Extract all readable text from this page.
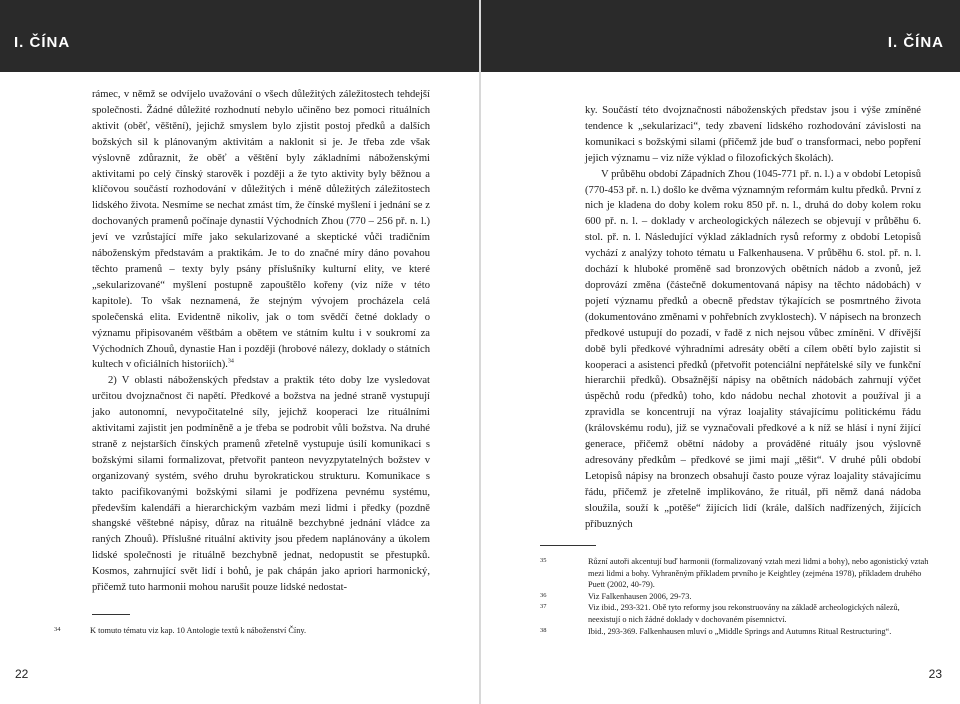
I. ČÍNA

rámec, v němž se odvíjelo uvažování o všech důležitých záležitostech tehdejší společnosti. Žádné důležité rozhodnutí nebylo učiněno bez pomoci rituálních aktivit (oběť, věštění), jejichž smyslem bylo zjistit postoj předků a dalších božských sil k plánovaným aktivitám a naklonit si je. Je třeba zde však výslovně zdůraznit, že oběť a věštění byly základními náboženskými aktivitami po celý čínský starověk i později a že tyto aktivity byly běžnou a klíčovou součástí rozhodování v důležitých i méně důležitých záležitostech lidského života. Nesmíme se nechat zmást tím, že čínské myšlení i jednání se z dochovaných pramenů počínaje dynastií Východních Zhou (770 – 256 př. n. l.) jeví ve vzrůstající míře jako sekularizované a skeptické vůči tradičním náboženským představám a praktikám. Je to do značné míry dáno povahou těchto pramenů – texty byly psány příslušníky kulturní elity, ve které „sekularizované“ myšlení postupně zapouštělo kořeny (viz níže v této kapitole). To však neznamená, že stejným vývojem procházela celá společenská elita. Evidentně nikoliv, jak o tom svědčí četné doklady o významu připisovaném věštbám a obětem ve státním kultu i v soukromí za Východních Zhouů, dynastie Han i později (hrobové nálezy, doklady o státních kultech v oficiálních historiích).$^{34}$

2) V oblasti náboženských představ a praktik této doby lze vysledovat určitou dvojznačnost či napětí. Předkové a božstva na jedné straně vystupují jako autonomní, nevypočitatelné síly, jejichž kooperaci lze rituálními aktivitami zajistit jen podmíněně a je třeba se podrobit vůli božstva. Na druhé straně z nejstarších čínských pramenů zřetelně vystupuje úsilí komunikaci s božskými silami formalizovat, přetvořit panteon nevyzpytatelných božstev v organizovaný systém, svého druhu byrokratickou strukturu. Komunikace s takto pacifikovanými božskými silami je podřízena pevnému systému, především kalendáři a hierarchickým vazbám mezi lidmi i předky (pozdně shangské věštebné nápisy, důraz na rituálně bezchybné jednání vládce za raných Zhouů). Příslušné rituální aktivity jsou předem naplánovány a úkolem lidské společnosti je rituálně bezchybně jednat, nedopustit se přestupků. Kosmos, zahrnující svět lidí i bohů, je pak chápán jako apriori harmonický, přičemž tuto harmonii mohou narušit pouze lidské nedostat-

34	K tomuto tématu viz kap. 10 Antologie textů k náboženství Číny.

22
I. ČÍNA

ky. Součástí této dvojznačnosti náboženských představ jsou i výše zmíněné tendence k „sekularizaci“, tedy zbavení lidského rozhodování závislosti na komunikaci s božskými silami (přičemž jde buď o transformaci, nebo popření jejich významu – viz níže výklad o filozofických školách).

V průběhu období Západních Zhou (1045-771 př. n. l.) a v období Letopisů (770-453 př. n. l.) došlo ke dvěma významným reformám kultu předků. První z nich je kladena do doby kolem roku 850 př. n. l., druhá do doby kolem roku 600 př. n. l. – doklady v archeologických nálezech se objevují v průběhu 6. stol. př. n. l. Následující výklad základních rysů reformy z období Letopisů vychází z analýzy tohoto tématu u Falkenhausena. V průběhu 6. stol. př. n. l. dochází k hluboké proměně sad bronzových obětních nádob a zvonů, jež doprovází změna (částečně dokumentovaná nápisy na těchto nádobách) v pojetí významu předků a obecně představ týkajících se posmrtného života (dokumentováno změnami v pohřebních zvyklostech). V nápisech na bronzech předkové ustupují do pozadí, v řadě z nich nejsou vůbec zmíněni. V dřívější době byli předkové výhradními adresáty obětí a cílem obětí bylo zajistit si kooperaci a asistenci předků (přetvořit potenciální nepřátelské síly ve funkční hierarchii předků). Obsažnější nápisy na obětních nádobách zahrnují výčet úspěchů rodu (předků) toho, kdo nádobu nechal zhotovit a používal ji a zpravidla se koncentrují na výraz loajality stávajícímu politickému řádu (královskému rodu), již se vyznačovali předkové a k níž se hlásí i nyní žijící generace, přičemž obětní nádoby a prováděné rituály jsou výslovně adresovány předkům – předkové se jimi mají „těšit“. V druhé půli období Letopisů nápisy na bronzech obsahují často pouze výraz loajality stávajícímu řádu, přičemž je zřetelně implikováno, že rituál, při němž daná nádoba sloužila, souží k „potěše“ žijících lidí (krále, dalších nadřízených, žijících příbuzných

35	Různí autoři akcentují buď harmonii (formalizovaný vztah mezi lidmi a bohy), nebo agonistický vztah mezi lidmi a bohy. Vyhraněným příkladem prvního je Keightley (zejména 1978), příkladem druhého Puett (2002, 40-79).

36	Viz Falkenhausen 2006, 29-73.

37	Viz ibid., 293-321. Obě tyto reformy jsou rekonstruovány na základě archeologických nálezů, neexistují o nich žádné doklady v dochovaném písemnictví.

38	Ibid., 293-369. Falkenhausen mluví o „Middle Springs and Autumns Ritual Restructuring“.

23
